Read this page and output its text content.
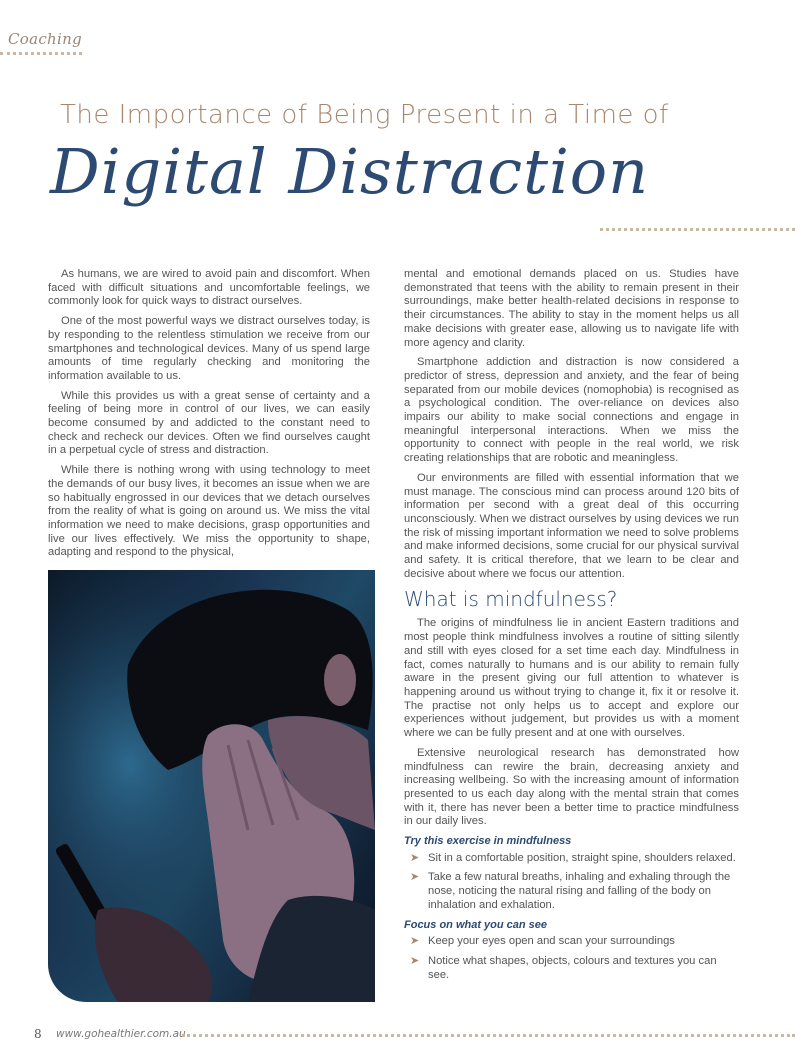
Coaching
The Importance of Being Present in a Time of
Digital Distraction

As humans, we are wired to avoid pain and discomfort. When faced with difficult situations and uncomfortable feelings, we commonly look for quick ways to distract ourselves.

One of the most powerful ways we distract ourselves today, is by responding to the relentless stimulation we receive from our smartphones and technological devices. Many of us spend large amounts of time regularly checking and monitoring the information available to us.

While this provides us with a great sense of certainty and a feeling of being more in control of our lives, we can easily become consumed by and addicted to the constant need to check and recheck our devices. Often we find ourselves caught in a perpetual cycle of stress and distraction.

While there is nothing wrong with using technology to meet the demands of our busy lives, it becomes an issue when we are so habitually engrossed in our devices that we detach ourselves from the reality of what is going on around us. We miss the vital information we need to make decisions, grasp opportunities and live our lives effectively. We miss the opportunity to shape, adapting and respond to the physical,

mental and emotional demands placed on us. Studies have demonstrated that teens with the ability to remain present in their surroundings, make better health-related decisions in response to their circumstances. The ability to stay in the moment helps us all make decisions with greater ease, allowing us to navigate life with more agency and clarity.

Smartphone addiction and distraction is now considered a predictor of stress, depression and anxiety, and the fear of being separated from our mobile devices (nomophobia) is recognised as a psychological condition. The over-reliance on devices also impairs our ability to make social connections and engage in meaningful interpersonal interactions. When we miss the opportunity to connect with people in the real world, we risk creating relationships that are robotic and meaningless.

Our environments are filled with essential information that we must manage. The conscious mind can process around 120 bits of information per second with a great deal of this occurring unconsciously. When we distract ourselves by using devices we run the risk of missing important information we need to solve problems and make informed decisions, some crucial for our physical survival and safety. It is critical therefore, that we learn to be clear and decisive about where we focus our attention.

What is mindfulness?

The origins of mindfulness lie in ancient Eastern traditions and most people think mindfulness involves a routine of sitting silently and still with eyes closed for a set time each day. Mindfulness in fact, comes naturally to humans and is our ability to remain fully aware in the present giving our full attention to whatever is happening around us without trying to change it, fix it or resolve it. The practise not only helps us to accept and explore our experiences without judgement, but provides us with a moment where we can be fully present and at one with ourselves.

Extensive neurological research has demonstrated how mindfulness can rewire the brain, decreasing anxiety and increasing wellbeing. So with the increasing amount of information presented to us each day along with the mental strain that comes with it, there has never been a better time to practice mindfulness in our daily lives.

Try this exercise in mindfulness
➤ Sit in a comfortable position, straight spine, shoulders relaxed.
➤ Take a few natural breaths, inhaling and exhaling through the nose, noticing the natural rising and falling of the body on inhalation and exhalation.
Focus on what you can see
➤ Keep your eyes open and scan your surroundings
➤ Notice what shapes, objects, colours and textures you can see.
8 www.gohealthier.com.au
